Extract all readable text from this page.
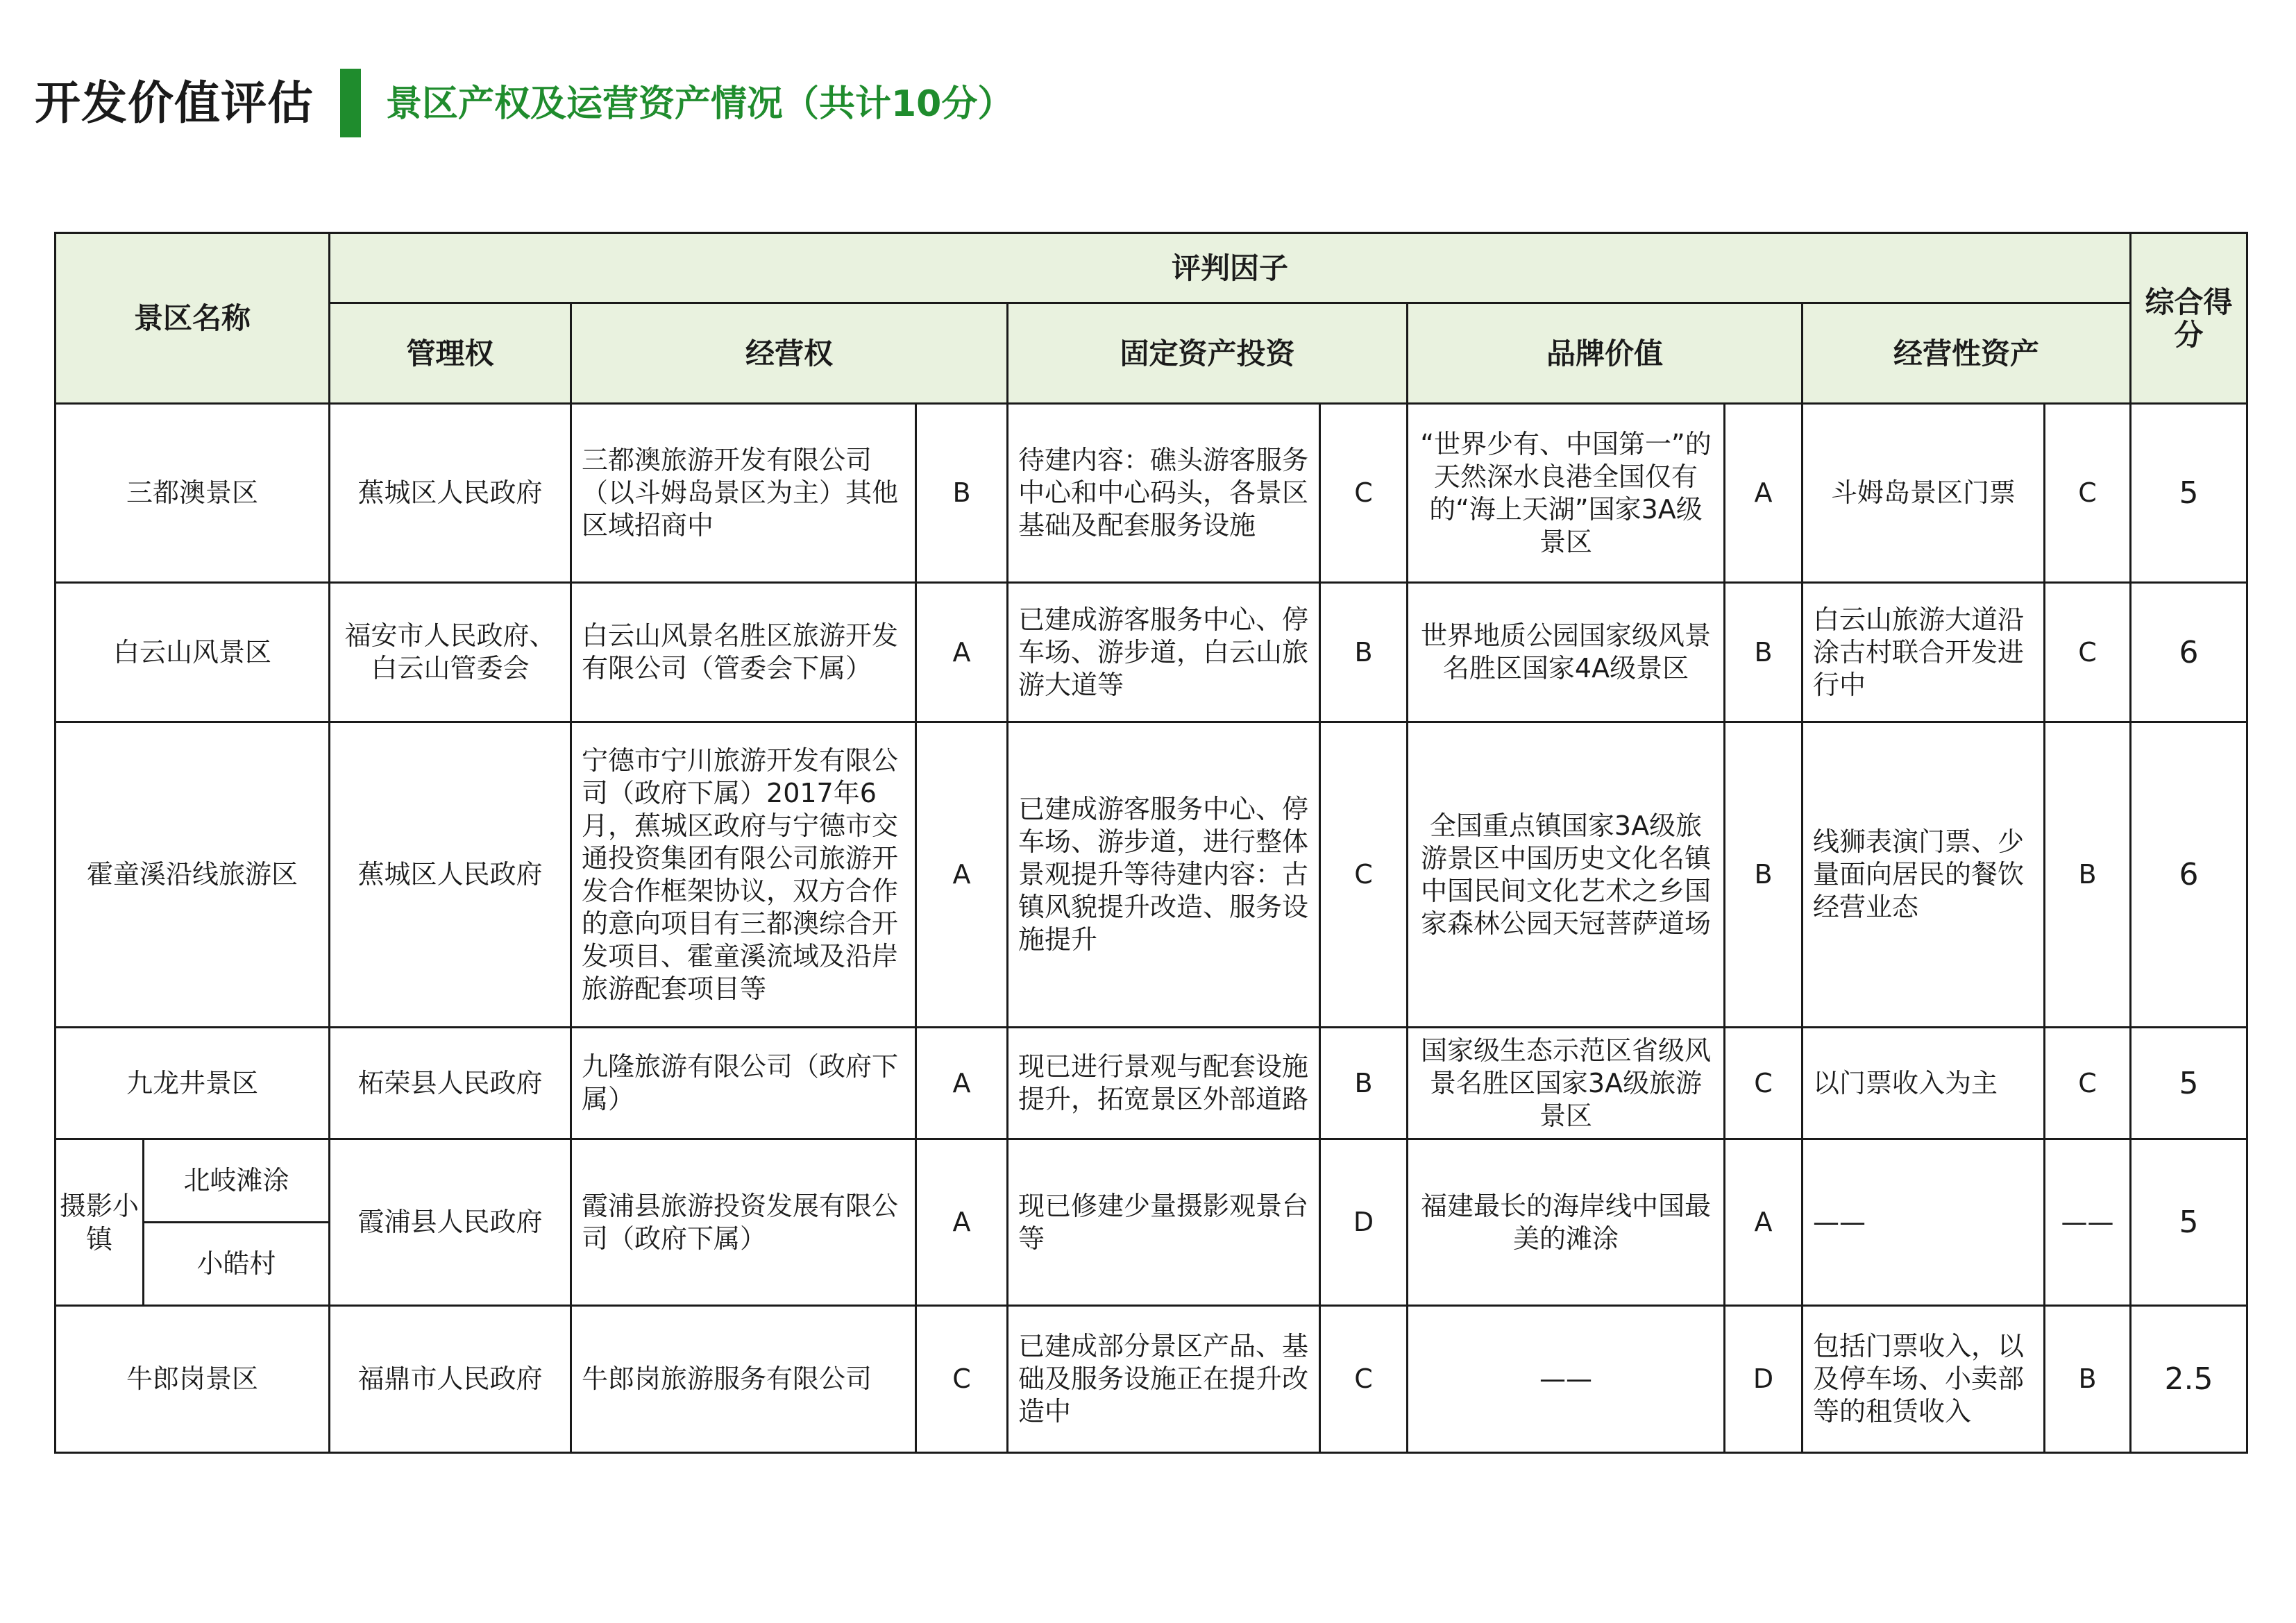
开发价值评估 景区产权及运营资产情况（共计10分）
景区名称		评判因子									综合得分
		管理权	经营权		固定资产投资		品牌价值		经营性资产		
三都澳景区		蕉城区人民政府	三都澳旅游开发有限公司（以斗姆岛景区为主）其他区域招商中	B	待建内容：礁头游客服务中心和中心码头，各景区基础及配套服务设施	C	“世界少有、中国第一”的天然深水良港全国仅有的“海上天湖”国家3A级景区	A	斗姆岛景区门票	C	5
白云山风景区		福安市人民政府、白云山管委会	白云山风景名胜区旅游开发有限公司（管委会下属）	A	已建成游客服务中心、停车场、游步道，白云山旅游大道等	B	世界地质公园国家级风景名胜区国家4A级景区	B	白云山旅游大道沿涂古村联合开发进行中	C	6
霍童溪沿线旅游区		蕉城区人民政府	宁德市宁川旅游开发有限公司（政府下属）2017年6月，蕉城区政府与宁德市交通投资集团有限公司旅游开发合作框架协议，双方合作的意向项目有三都澳综合开发项目、霍童溪流域及沿岸旅游配套项目等	A	已建成游客服务中心、停车场、游步道，进行整体景观提升等待建内容：古镇风貌提升改造、服务设施提升	C	全国重点镇国家3A级旅游景区中国历史文化名镇中国民间文化艺术之乡国家森林公园天冠菩萨道场	B	线狮表演门票、少量面向居民的餐饮经营业态	B	6
九龙井景区		柘荣县人民政府	九隆旅游有限公司（政府下属）	A	现已进行景观与配套设施提升，拓宽景区外部道路	B	国家级生态示范区省级风景名胜区国家3A级旅游景区	C	以门票收入为主	C	5
摄影小镇	北岐滩涂	霞浦县人民政府	霞浦县旅游投资发展有限公司（政府下属）	A	现已修建少量摄影观景台等	D	福建最长的海岸线中国最美的滩涂	A	——	——	5
	小皓村										
牛郎岗景区		福鼎市人民政府	牛郎岗旅游服务有限公司	C	已建成部分景区产品、基础及服务设施正在提升改造中	C	——	D	包括门票收入，以及停车场、小卖部等的租赁收入	B	2.5
